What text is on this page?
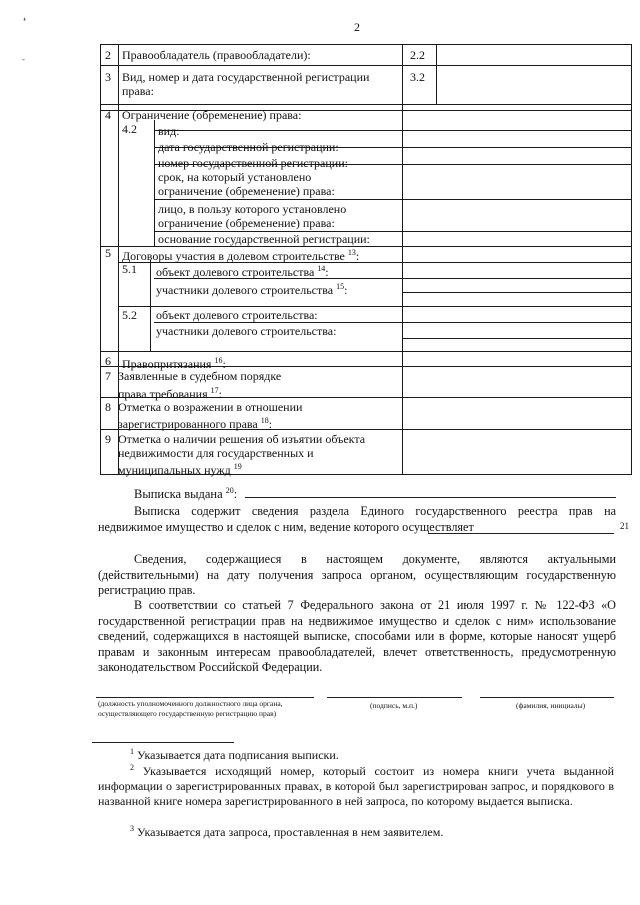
2
❛
-	2 Правообладатель (правообладатели):	2.2
3 Вид, номер и дата государственной регистрации
права:
3.2
4 Ограничение (обременение) права:
4.2 вид:
дата государственной регистрации:
номер государственной регистрации:
срок, на который установлено
ограничение (обременение) права:
лицо, в пользу которого установлено
ограничение (обременение) права:
основание государственной регистрации:
5 Договоры участия в долевом строительстве $^{13}$:
5.1 объект долевого строительства $^{14}$:
участники долевого строительства $^{15}$:
5.2 объект долевого строительства:
участники долевого строительства:
6 Правопритязания $^{16}$:
7 Заявленные в судебном порядке
права требования $^{17}$:
8 Отметка о возражении в отношении
зарегистрированного права $^{18}$:
9 Отметка о наличии решения об изъятии объекта
недвижимости для государственных и
муниципальных нужд $^{19}$
Выписка выдана $^{20}$:
Выписка содержит сведения раздела Единого государственного реестра прав на недвижимое имущество и сделок с ним, ведение которого осуществляет	21
Сведения, содержащиеся в настоящем документе, являются актуальными (действительными) на дату получения запроса органом, осуществляющим государственную регистрацию прав.
В соответствии со статьей 7 Федерального закона от 21 июля 1997 г. № 122-ФЗ «О государственной регистрации прав на недвижимое имущество и сделок с ним» использование сведений, содержащихся в настоящей выписке, способами или в форме, которые наносят ущерб правам и законным интересам правообладателей, влечет ответственность, предусмотренную законодательством Российской Федерации.
(должность уполномоченного должностного лица органа,
осуществляющего государственную регистрацию прав)
(подпись, м.п.)	(фамилия, инициалы)
$^1$ Указывается дата подписания выписки.
$^2$ Указывается исходящий номер, который состоит из номера книги учета выданной информации о зарегистрированных правах, в которой был зарегистрирован запрос, и порядкового в названной книге номера зарегистрированного в ней запроса, по которому выдается выписка.
$^3$ Указывается дата запроса, проставленная в нем заявителем.
